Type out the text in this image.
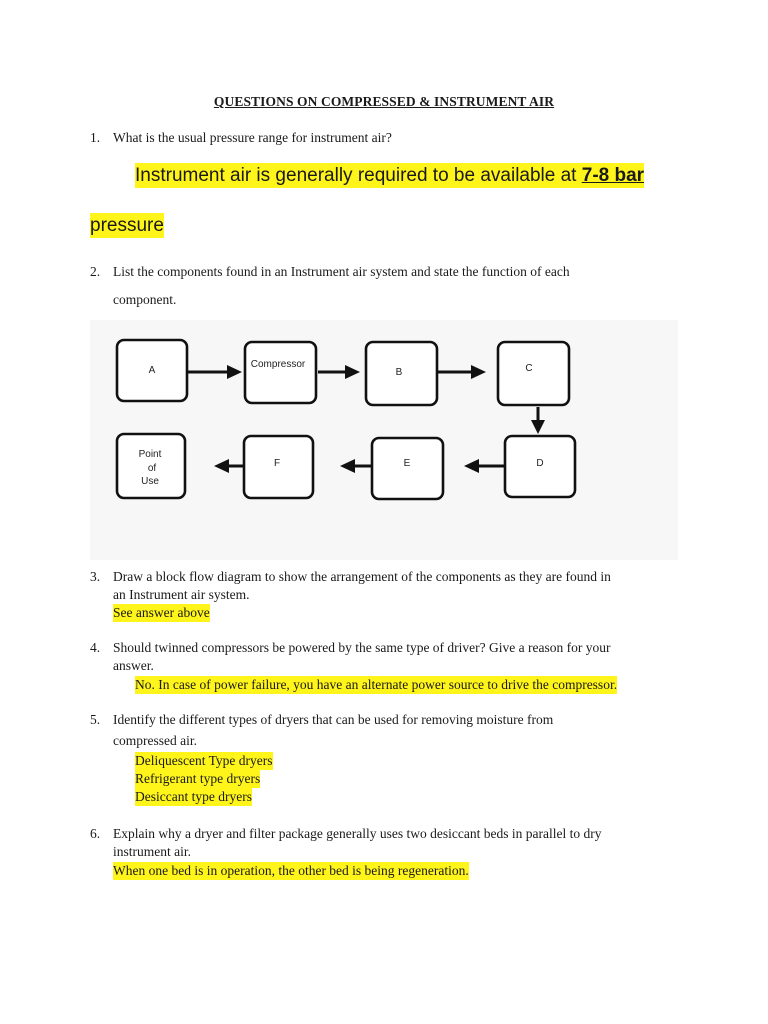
QUESTIONS ON COMPRESSED & INSTRUMENT AIR
1. What is the usual pressure range for instrument air?
Instrument air is generally required to be available at 7-8 bar
pressure
2. List the components found in an Instrument air system and state the function of each
component.
A
Compressor
B	C
D
E
F
Point
of
Use
3. Draw a block flow diagram to show the arrangement of the components as they are found in
an Instrument air system.
See answer above
4. Should twinned compressors be powered by the same type of driver? Give a reason for your
answer.
No. In case of power failure, you have an alternate power source to drive the compressor.
5. Identify the different types of dryers that can be used for removing moisture from
compressed air.
Deliquescent Type dryers
Refrigerant type dryers
Desiccant type dryers
6. Explain why a dryer and filter package generally uses two desiccant beds in parallel to dry
instrument air.
When one bed is in operation, the other bed is being regeneration.
